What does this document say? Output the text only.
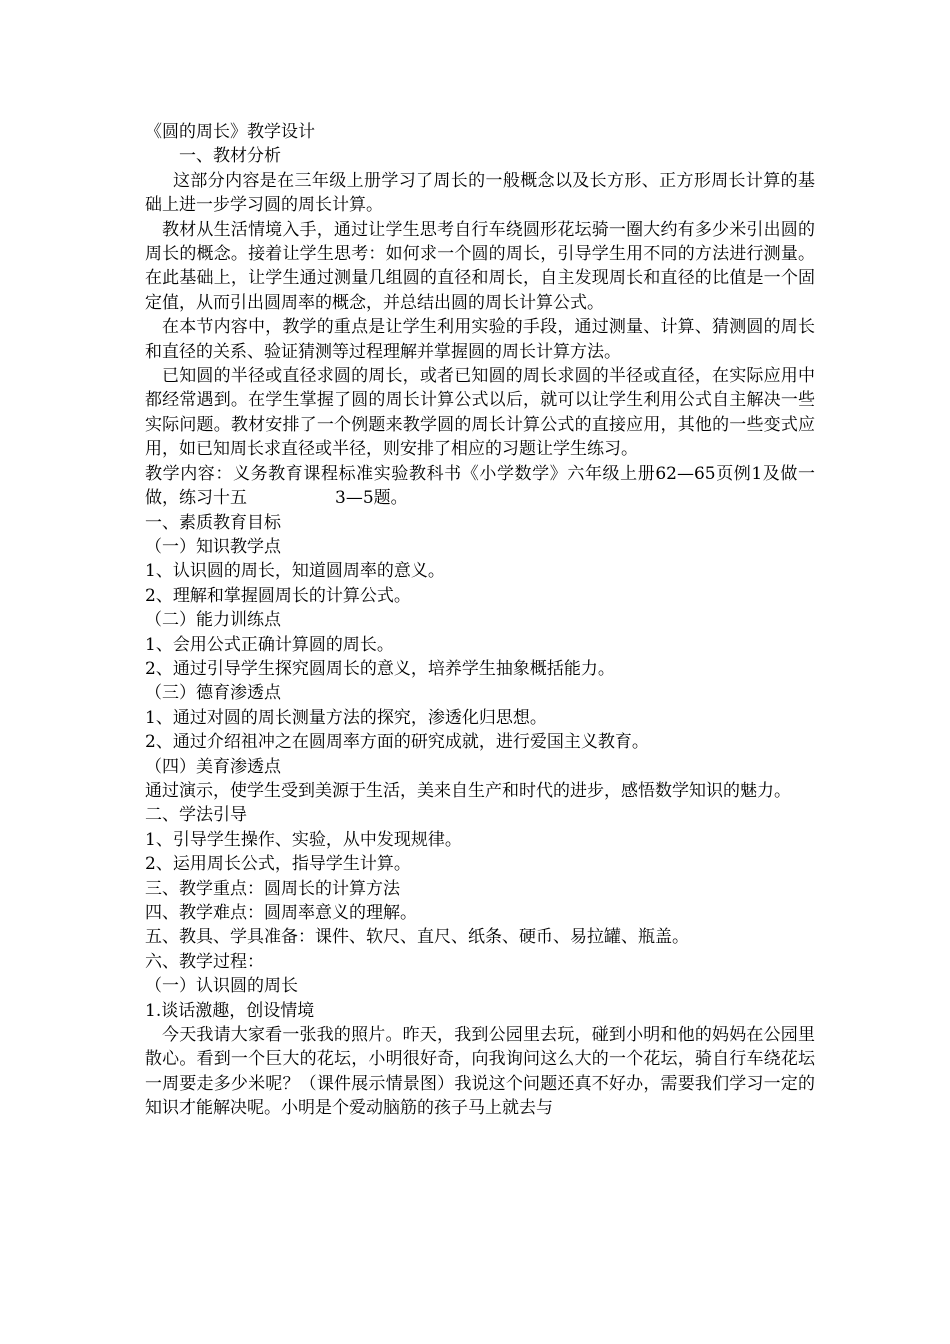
《圆的周长》教学设计

一、教材分析

这部分内容是在三年级上册学习了周长的一般概念以及长方形、正方形周长计算的基础上进一步学习圆的周长计算。

教材从生活情境入手，通过让学生思考自行车绕圆形花坛骑一圈大约有多少米引出圆的周长的概念。接着让学生思考：如何求一个圆的周长，引导学生用不同的方法进行测量。在此基础上，让学生通过测量几组圆的直径和周长，自主发现周长和直径的比值是一个固定值，从而引出圆周率的概念，并总结出圆的周长计算公式。

在本节内容中，教学的重点是让学生利用实验的手段，通过测量、计算、猜测圆的周长和直径的关系、验证猜测等过程理解并掌握圆的周长计算方法。

已知圆的半径或直径求圆的周长，或者已知圆的周长求圆的半径或直径，在实际应用中都经常遇到。在学生掌握了圆的周长计算公式以后，就可以让学生利用公式自主解决一些实际问题。教材安排了一个例题来教学圆的周长计算公式的直接应用，其他的一些变式应用，如已知周长求直径或半径，则安排了相应的习题让学生练习。

教学内容：义务教育课程标准实验教科书《小学数学》六年级上册62—65页例1及做一做，练习十五	3—5题。

一、素质教育目标

（一）知识教学点

1、认识圆的周长，知道圆周率的意义。

2、理解和掌握圆周长的计算公式。

（二）能力训练点

1、会用公式正确计算圆的周长。

2、通过引导学生探究圆周长的意义，培养学生抽象概括能力。

（三）德育渗透点

1、通过对圆的周长测量方法的探究，渗透化归思想。

2、通过介绍祖冲之在圆周率方面的研究成就，进行爱国主义教育。

（四）美育渗透点

通过演示，使学生受到美源于生活，美来自生产和时代的进步，感悟数学知识的魅力。

二、学法引导

1、引导学生操作、实验，从中发现规律。

2、运用周长公式，指导学生计算。

三、教学重点：圆周长的计算方法

四、教学难点：圆周率意义的理解。

五、教具、学具准备：课件、软尺、直尺、纸条、硬币、易拉罐、瓶盖。

六、教学过程：

（一）认识圆的周长

1.谈话激趣，创设情境

今天我请大家看一张我的照片。昨天，我到公园里去玩，碰到小明和他的妈妈在公园里散心。看到一个巨大的花坛，小明很好奇，向我询问这么大的一个花坛，骑自行车绕花坛一周要走多少米呢？（课件展示情景图）我说这个问题还真不好办，需要我们学习一定的知识才能解决呢。小明是个爱动脑筋的孩子马上就去与
